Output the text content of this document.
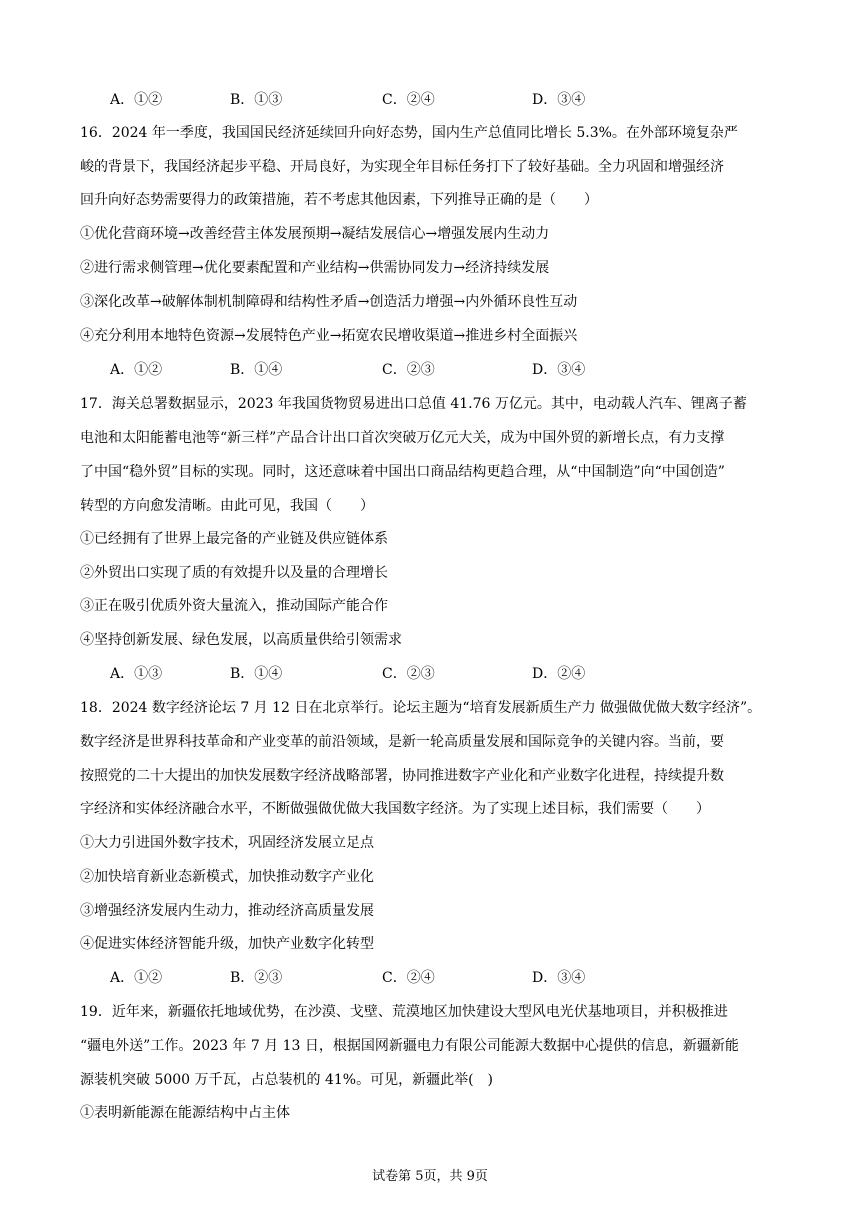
A．①②	B．①③	C．②④	D．③④
16．2024 年一季度，我国国民经济延续回升向好态势，国内生产总值同比增长 5.3%。在外部环境复杂严
峻的背景下，我国经济起步平稳、开局良好，为实现全年目标任务打下了较好基础。全力巩固和增强经济
回升向好态势需要得力的政策措施，若不考虑其他因素，下列推导正确的是（　　）
①优化营商环境→改善经营主体发展预期→凝结发展信心→增强发展内生动力
②进行需求侧管理→优化要素配置和产业结构→供需协同发力→经济持续发展
③深化改革→破解体制机制障碍和结构性矛盾→创造活力增强→内外循环良性互动
④充分利用本地特色资源→发展特色产业→拓宽农民增收渠道→推进乡村全面振兴
A．①②	B．①④	C．②③	D．③④
17．海关总署数据显示，2023 年我国货物贸易进出口总值 41.76 万亿元。其中，电动载人汽车、锂离子蓄
电池和太阳能蓄电池等“新三样”产品合计出口首次突破万亿元大关，成为中国外贸的新增长点，有力支撑
了中国“稳外贸”目标的实现。同时，这还意味着中国出口商品结构更趋合理，从“中国制造”向“中国创造”
转型的方向愈发清晰。由此可见，我国（　　）
①已经拥有了世界上最完备的产业链及供应链体系
②外贸出口实现了质的有效提升以及量的合理增长
③正在吸引优质外资大量流入，推动国际产能合作
④坚持创新发展、绿色发展，以高质量供给引领需求
A．①③	B．①④	C．②③	D．②④
18．2024 数字经济论坛 7 月 12 日在北京举行。论坛主题为“培育发展新质生产力 做强做优做大数字经济”。
数字经济是世界科技革命和产业变革的前沿领域，是新一轮高质量发展和国际竞争的关键内容。当前，要
按照党的二十大提出的加快发展数字经济战略部署，协同推进数字产业化和产业数字化进程，持续提升数
字经济和实体经济融合水平，不断做强做优做大我国数字经济。为了实现上述目标，我们需要（　　）
①大力引进国外数字技术，巩固经济发展立足点
②加快培育新业态新模式，加快推动数字产业化
③增强经济发展内生动力，推动经济高质量发展
④促进实体经济智能升级，加快产业数字化转型
A．①②	B．②③	C．②④	D．③④
19．近年来，新疆依托地域优势，在沙漠、戈壁、荒漠地区加快建设大型风电光伏基地项目，并积极推进
“疆电外送”工作。2023 年 7 月 13 日，根据国网新疆电力有限公司能源大数据中心提供的信息，新疆新能
源装机突破 5000 万千瓦，占总装机的 41%。可见，新疆此举(　)
①表明新能源在能源结构中占主体
试卷第 5页，共 9页
